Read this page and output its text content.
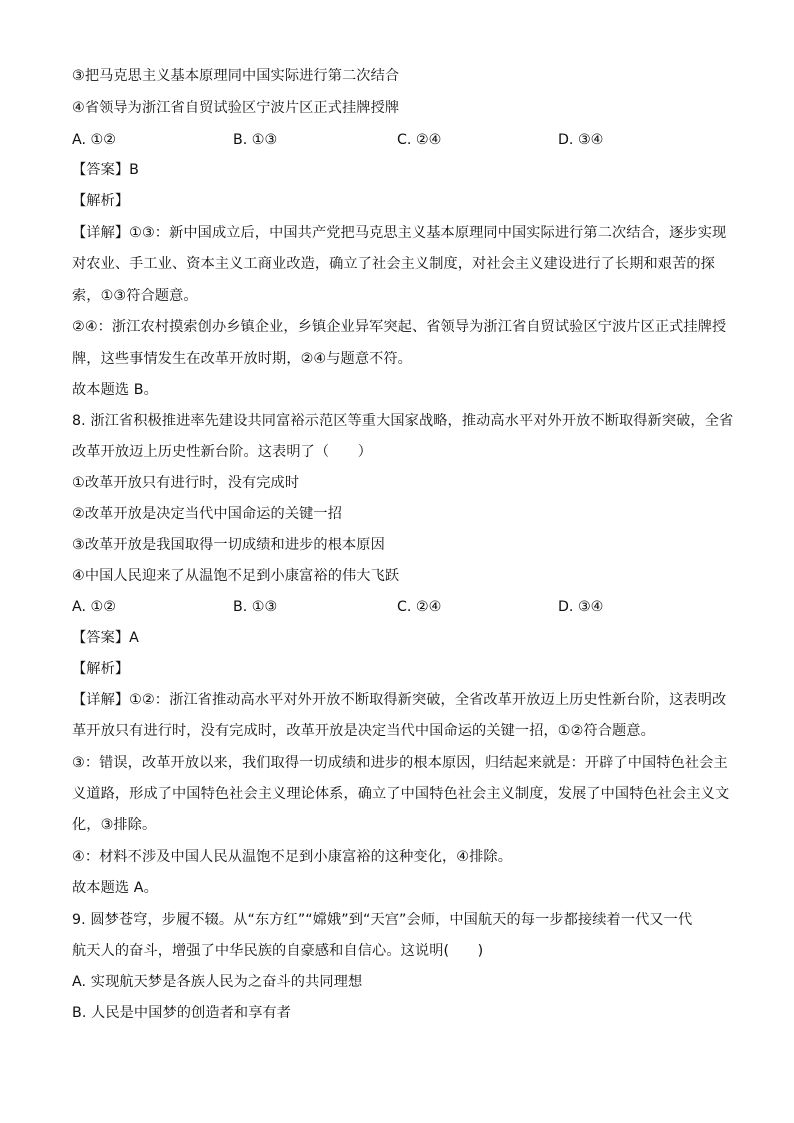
③把马克思主义基本原理同中国实际进行第二次结合
④省领导为浙江省自贸试验区宁波片区正式挂牌授牌
A. ①②	B. ①③	C. ②④	D. ③④
【答案】B
【解析】
【详解】①③：新中国成立后，中国共产党把马克思主义基本原理同中国实际进行第二次结合，逐步实现
对农业、手工业、资本主义工商业改造，确立了社会主义制度，对社会主义建设进行了长期和艰苦的探
索，①③符合题意。
②④：浙江农村摸索创办乡镇企业，乡镇企业异军突起、省领导为浙江省自贸试验区宁波片区正式挂牌授
牌，这些事情发生在改革开放时期，②④与题意不符。
故本题选 B。
8. 浙江省积极推进率先建设共同富裕示范区等重大国家战略，推动高水平对外开放不断取得新突破，全省
改革开放迈上历史性新台阶。这表明了（　　）
①改革开放只有进行时，没有完成时
②改革开放是决定当代中国命运的关键一招
③改革开放是我国取得一切成绩和进步的根本原因
④中国人民迎来了从温饱不足到小康富裕的伟大飞跃
A. ①②	B. ①③	C. ②④	D. ③④
【答案】A
【解析】
【详解】①②：浙江省推动高水平对外开放不断取得新突破，全省改革开放迈上历史性新台阶，这表明改
革开放只有进行时，没有完成时，改革开放是决定当代中国命运的关键一招，①②符合题意。
③：错误，改革开放以来，我们取得一切成绩和进步的根本原因，归结起来就是：开辟了中国特色社会主
义道路，形成了中国特色社会主义理论体系，确立了中国特色社会主义制度，发展了中国特色社会主义文
化，③排除。
④：材料不涉及中国人民从温饱不足到小康富裕的这种变化，④排除。
故本题选 A。
9. 圆梦苍穹，步履不辍。从“东方红”“嫦娥”到“天宫”会师，中国航天的每一步都接续着一代又一代
航天人的奋斗，增强了中华民族的自豪感和自信心。这说明(　　)
A. 实现航天梦是各族人民为之奋斗的共同理想
B. 人民是中国梦的创造者和享有者
